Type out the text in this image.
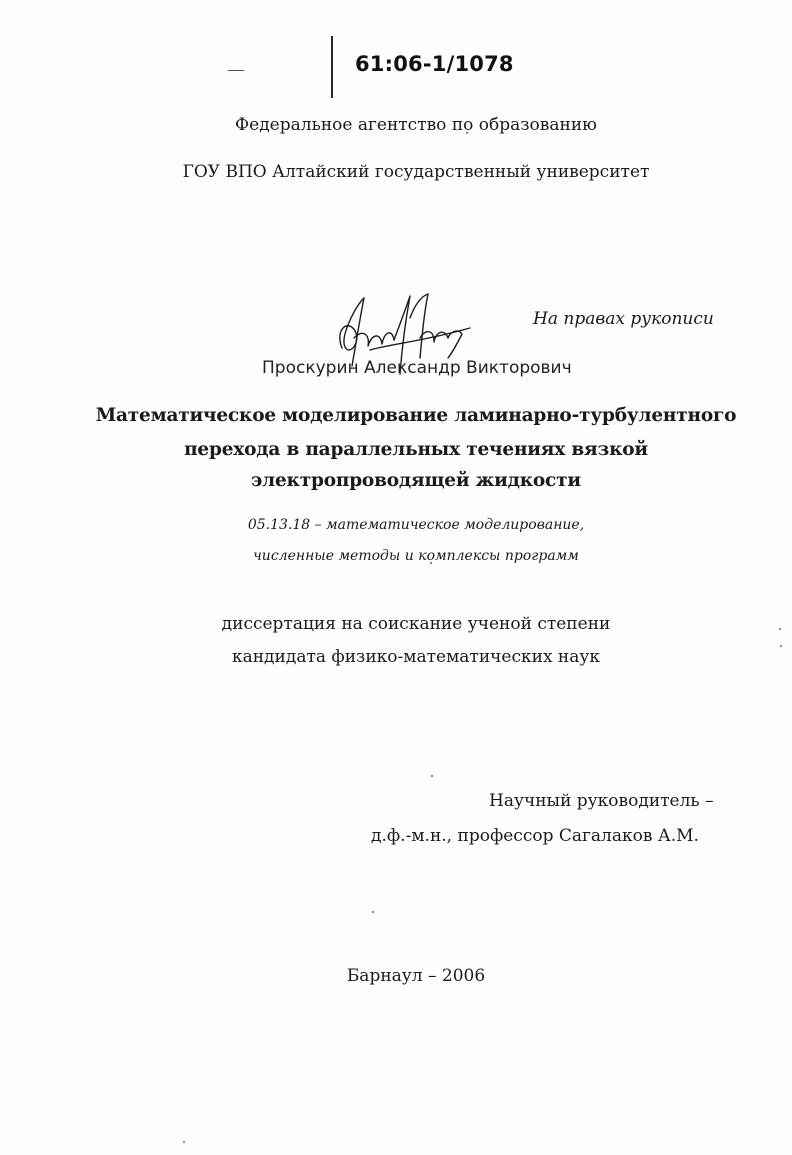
61:06-1/1078
Федеральное агентство по образованию
ГОУ ВПО Алтайский государственный университет
На правах рукописи
Проскурин Александр Викторович
Математическое моделирование ламинарно-турбулентного
перехода в параллельных течениях вязкой
электропроводящей жидкости
05.13.18 – математическое моделирование,
численные методы и комплексы программ
диссертация на соискание ученой степени
кандидата физико-математических наук
Научный руководитель –
д.ф.-м.н., профессор Сагалаков А.М.
Барнаул – 2006
